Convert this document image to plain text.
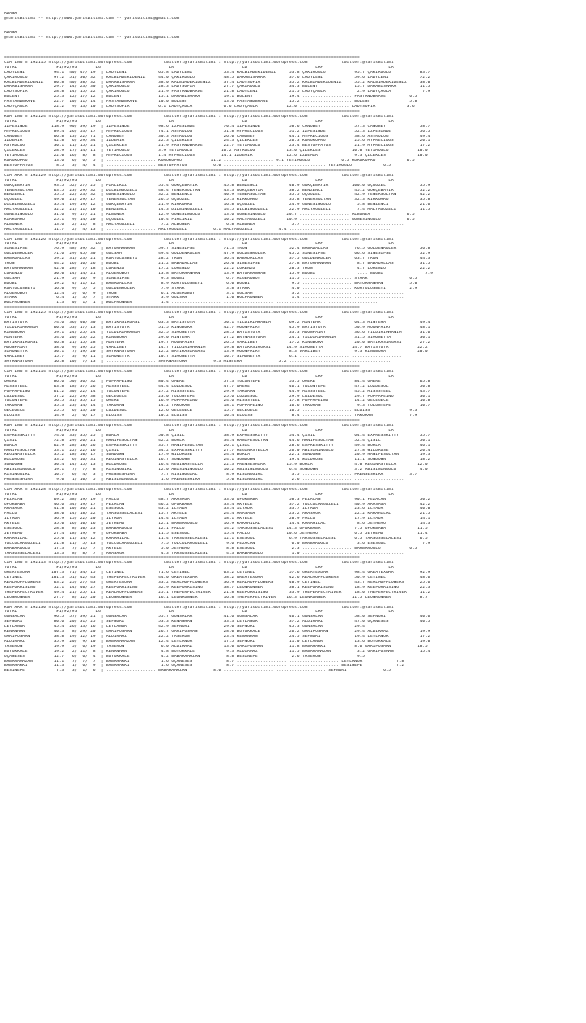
ADANA
@YarisBilimi -- http://www.yarisbilimi.com -- yarisbilimi@gmail.com
ADANA
@YarisBilimi -- http://www.yarisbilimi.com -- yarisbilimi@gmail.com

========================================================================================================================================
CIM ING = 192115 http://yarisbilimi.wordpress.com            twitter:@YarisBilimi : http://yarisbilimi.wordpress.com             twitter:@YarisBilimi
TOTAL               #1/#2/#3       LG                          LR                          LD                          LRF                         LA
LADYLENI           94.1  40/ 47/ 19  | LADYLENI            65.8 LADYLENI            53.4 KALBIMDEKIDENIZ     53.8 ÇAKIROGLU           95.7 ÇAKIROGLU           83.7
ÇAKIROGLU          97.2  51/ 30/ 32  | KALBIMDEKIDENIZ     44.0 ÇAKIROGLU           48.5 DARABISMARA         37.6 LADYLENI            59.6 LADYLENI            72.2
KALBIMDEKIDENIZ    80.8  40/ 38/ 32  | DARABISMARA         38.0 KALBIMDEKIDENIZ     37.4 LADYSOFIA           35.2 KALBIMDEKIDENIZ     55.2 KALBIMDEKIDENIZ     38.0
DARABISMARA        29.7  14/ 23/ 30  | ÇAKIROGLU           28.3 LADYSOFIA           27.7 ÇAKIROGLU           34.3 BULENT              15.7 DARABISMARA         11.5
LADYSOFIA          28.8  14/ 15/ 22  | ÇAKIROGLU           21.9 FASTANDBRAVE        21.8 LADYLENI            21.5 LADYÇAGLA            2.9 LADYÇAGLA            7.9
BULENT             25.3  12/ 17/ 12  | BULENT              15.1 DARABISMARA         19.1 BULENT              19.4 ................... FASTANDBRAVE         6.5
FASTANDBRAVE       22.7  10/ 11/ 14  | FASTANDBRAVE        10.0 BULENT              13.6 FASTANDBRAVE        15.2 ................... BULENT               5.8
LADYÇAGLA          22.2   9/ 13/ 10  | LADYSOFIA           6.1 LADYÇAGLA            6.6 LADYÇAGLA           12.0 ................... LADYSOFIA            3.6
========================================================================================================================================
KUM ING = 192124 http://yarisbilimi.wordpress.com            twitter:@YarisBilimi : http://yarisbilimi.wordpress.com             twitter:@YarisBilimi
TOTAL               #1/#2/#3       LG                          LR                          LD                          LRF                         LA
IZPESINDE         118.9  90/ 39/ 19  | IZPESINDE           98.6 IZPESINDE           70.4 IZPESINDE           58.6 CANOBEY             57.3 CANOBEY             58.7
MYPRECIOUS         89.4  26/ 53/ 17  | MYPRECIOUS          74.1 ASTROLOG            51.8 MYPRECIOUS          51.2 IZPESINDE           52.3 IZPESINDE           56.5
CANOBEY            66.8  13/ 22/ 71  | CANOBEY             30.3 ASTROLOG            26.0 CANOBEY             44.1 MYPRECIOUS          38.6 ASTROLOG            49.4
IZDEMIR            42.8   6/ 29/ 34  | IZDEMIR             22.3 ÇILEKLES            24.3 ÇILEKLES            26.3 KURUKÖPRÜ           25.6 MYPRECIOUS          20.1
ASTROLOG           30.1  11/ 15/ 21  | ÇILEKLES            21.9 FASTANDBRAVE        22.7 YETIMOGLU           23.4 BESTOFFATOS         21.9 MYPRECIOUS          17.2
ÇILEKLES           28.9  17/ 14/ 11  | YETIMOGLU           3.9 YETIMOGLU           16.2 ASTROLOG            13.0 ÇILEKLES            10.0 YETIMOGLU           10.0
YETIMOGLU          22.0  16/  8/  8  | MYPRECIOUS          1.4 MYPRECIOUS          14.1 IZDEMIR             12.6 IZDEMIR              9.3 ÇILEKLES            10.0
KURUKÖPRÜ          13.6   6/  6/  5  | ................... KURUKÖPRÜ           11.2 ................... 9.1 YETIMOGLU            6.5 KURUKÖPRÜ            6.5
BESTOFFATOS         8.5   3/  4/  4  | ................... BESTOFFATOS          6.0 ................... ................... YETIMOGLU            6.5
========================================================================================================================================
CIM ARA = 192129 http://yarisbilimi.wordpress.com            twitter:@YarisBilimi : http://yarisbilimi.wordpress.com             twitter:@YarisBilimi
TOTAL               #1/#2/#3       LG                          LR                          LD                          LRF                         LA
GÖKÇEBAYIR         93.5  52/ 27/ 25  | PIRLIKIZ            55.4 GÖKÇEBAYIR          45.8 BENZENCI            40.9 GÖKÇEBAYIR         100.0 ÜÇGÜZEL             55.9
YENERSULTAN        63.5  23/ 29/ 32  | DILBINGÜZELI        48.4 YENERSULTAN         43.3 GÖKÇEBAYIR          38.2 BENZENCI            45.2 GÖKÇEBAYIR          52.2
BENZENCI           55.5  22/ 23/ 32  | GÜNESINGÜLÜ         32.2 BENZENCI            40.9 YENERSULTAN         35.5 ÜÇGÜZEL             42.9 YENERSULTAN         42.2
ÜÇGÜZEL            49.0  21/ 29/ 17  | YENERSULTAN         26.5 ÜÇGÜZEL             25.3 KIRKUMRU            35.8 YENERSULTAN         32.3 KIRKUMRU            35.8
DILBINGÜZELI       35.4  19/ 19/ 12  | GÖKÇEBAYIR          21.9 KIRKUMRU            16.8 ÜÇGÜZEL             24.9 GÜNESINGÜLÜ          5.8 BENZENCI            21.6
MALYAGÜZELI        32.2  21/ 11/ 10  | BENZENCI            14.3 DILBINGÜZELI        14.5 DILBINGÜZELI        22.9 MALYAGÜZELI          7.4 MALYAGÜZELI         11.5
GÜNESINGÜLÜ        31.6   9/ 17/ 21  | ALBUNEA             12.9 GÜNESINGÜLÜ         13.6 GÜNESINGÜLÜ        20.7 ................... ALBUNEA              6.5
KIRKUMRU           25.1   9/ 14/ 20  | ÜÇGÜZEL             10.4 PIRLIKIZ            10.2 MALYAGÜZELI        10.9 ................... GÜNESINGÜLÜ          6.5
ALBUNEA            13.6   2/ 11/  8  | MALYAGÜZELI          7.2 ALBUNEA              6.8 ALBUNEA              5.7 ................... ...................
MALYAGÜZELI        11.7   2/  4/ 13  | ................... MALYAGÜZELI          6.1 MALYAGÜZELI          4.4 ................... ...................
========================================================================================================================================
CIM ING = 192126 http://yarisbilimi.wordpress.com            twitter:@YarisBilimi : http://yarisbilimi.wordpress.com             twitter:@YarisBilimi
TOTAL               #1/#2/#3       LG                          LR                          LD                          LRF                         LA
SINESIPSE          76.9  48/ 39/ 32  | BATURHANHAN         59.7 SINESIPSE           71.3 TRON                52.4 BABADALLAS          76.5 GOLDENRULER         56.8
GOLDENRULER        71.6  29/ 45/ 30  | GÜLSAH              49.4 GOLDENRULER         47.9 GOLDENRULER         45.2 SINESIPSE           66.6 SINESIPSE           52.9
BABADALLAS         59.2  31/ 23/ 21  | KURTULUSBEYI        28.2 TRON                36.4 BABADALLAS          37.5 GOLDENRULER         63.7 TRON                44.3
TRON               44.2  16/ 16/ 26  | BOUBI               21.2 BABADALLAS          26.0 SINESIPSE           27.8 BATURHANHAN          8.7 BABADALLAS          31.5
BATURHANHAN        42.0  28/  7/ 18  | LORENZO             17.2 LORENZO             22.2 LORENZO             20.3 TRON                 4.7 LORENZO             22.2
LORENZO            30.0  14/ 14/ 21  | ALGEROBOY           13.8 BATURHANHAN         13.9 BATURHANHAN         15.9 BOUBI                .... BOUBI                7.9
GÜLSAH             21.9   5/ 16/  9  | SINESIPSE            9.3 BOUBI                6.7 ALGEROBOY           11.5 ................... STARK                6.5
BOUBI              19.2   4/ 11/ 12  | BABADALLAS           8.9 KURTULUSBEYI         6.0 BOUBI                9.5 ................... BATURHANHAN          5.0
KURTULUSBEYI       16.0   9/  5/  5  | GOLDENRULER          7.9 STARK                3.8 STARK                4.0 ................... KURTULUSBEYI         2.9
ALGEROBOY          12.4   5/  6/  9  | TRON                 6.1 ALGEROBOY            3.1 GÜLSAH               3.2 ................... ...................
STARK               6.4   1/  3/  7  | STARK                3.9 GÜLSAH               1.0 WOLFRUNNER           1.4 ................... ...................
WOLFRUNNER          1.3   0/  1/  1  | WOLFRUNNER           1.4 ................... ................... ................... ...................
========================================================================================================================================
CIM ING = 192125 http://yarisbilimi.wordpress.com            twitter:@YarisBilimi : http://yarisbilimi.wordpress.com             twitter:@YarisBilimi
TOTAL               #1/#2/#3       LG                          LR                          LD                          LRF                         LA
BATISTUTA          74.6  36/ 40/ 30  | BATIKASIRGASI       63.3 BATISTUTA           50.1 YILDIRIMHANIM       69.2 MINTEHA             64.3 MINTEHA             49.4
YILDIRIMHANIM      60.6  53/ 17/ 13  | BATISTUTA           51.5 KINGBORA            42.7 MOONFAIRY           45.9 BATISTUTA           50.9 MOONFAIRY           48.1
KINGBORA           59.1  24/ 25/ 24  | YILDIRIMHANIM       32.5 SIMONETTA           28.5 BATISTUTA           33.3 MOONFAIRY           36.6 YILDIRIMHANIM       31.6
MINTEHA            54.6  20/ 23/ 22  | KINGBORA            29.0 MINTEHA             27.2 BRTNASSTORM         24.1 YILDIRIMHANIM       31.5 SIMONETTA           30.1
BATIKASIRGASI      46.8  21/ 15/ 28  | MINTEHA             19.7 MOONFAIRY           26.5 VARLIBEY            17.2 KINGBORA            20.0 BATIKASIRGASI       27.2
MOONFAIRY          38.6   9/ 19/ 25  | VARLIBEY            14.7 YILDIRIMHANIM       19.8 BATIKASIRGASI      14.9 SIMONETTA           14.7 BATISTUTA           22.2
SIMONETTA          30.1   7/ 19/ 20  | SMYRNASTORM         12.2 BATIKASIRGASI       13.9 MOONFAIRY           8.3 VARLIBEY             9.3 KINGBORA            20.0
VARLIBEY           15.7   3/  9/ 11  | SIMONETTA           10.7 SIMONETTA           10.7 SIMONETTA           6.1 ................... ...................
SMYRNASTORM        16.8  10/  7/ 13  | ................... SMYRNASTORM          9.3 MINTEHA              5.2 ................... ...................
========================================================================================================================================
CIM ING = 192114 http://yarisbilimi.wordpress.com            twitter:@YarisBilimi : http://yarisbilimi.wordpress.com             twitter:@YarisBilimi
TOTAL               #1/#2/#3       LG                          LR                          LD                          LRF                         LA
OMERE              86.6  50/ 36/ 32  | PUPPAPEINO          80.4 OMERE               57.3 TÜLÜNTEPE           53.5 OMERE               84.4 OMERE               65.8
MISSSTEEL          63.8  18/ 37/ 26  | MISSSTEEL           44.4 LUZDESOL            47.7 OMERE               46.1 TÜLÜNTEPE           47.2 LUZDESOL            50.8
PUPPAPEINO         61.2  30/ 22/ 14  | TÜLÜNTEPE           27.2 MISSSTEEL           29.9 TAKORAN             44.9 MISSSTEEL           45.2 MISSSTEEL           43.7
LUZDESOL           57.2  22/ 29/ 38  | GECEGECE            23.0 TÜLÜNTEPE           25.6 LUZDESOL            29.9 LUZDESOL            29.7 PUPPAPEINO          30.1
TÜLÜNTEPE          56.5  31/ 35/ 15  | OMERE               16.9 PUPPAPEINO          24.6 MISSSTEEL           17.8 PUPPAPEINO          14.2 GECEGECE            10.8
TAKORAN            35.3  23/ 14/ 14  | TAKORAN             14.2 TAKORAN             18.1 PUPPAPEINO          16.6 TAKORAN              9.3 TÜLÜNTEPE           10.7
GECEGECE           25.5   6/ 13/ 20  | LUZDESOL            12.6 GECEGECE            15.7 GECEGECE            16.5 ................... ELOISS               9.3
ELOISS             14.9   2/  6/ 17  | ELOISS              10.2 ELOISS              10.4 ELOISS               8.4 ................... TAKORAN              7.9
========================================================================================================================================
KUM ING = 192127 http://yarisbilimi.wordpress.com            twitter:@YarisBilimi : http://yarisbilimi.wordpress.com             twitter:@YarisBilimi
TOTAL               #1/#2/#3       LG                          LR                          LD                          LRF                         LA
EXPRESSKITTY       74.6  33/ 35/ 25  | BURLA               50.8 ÇISIL               38.9 EXPRESSKITTY        54.4 ÇISIL               64.4 EXPRESSKITTY        55.7
ÇISIL              72.8  29/ 26/ 21  | HANIFESULTAN        42.2 BURLA               34.4 HANIFESULTAN        44.6 HANIFESULTAN        52.4 ÇISIL               50.1
BURLA              62.9  28/ 18/ 26  | EXPRESSKITTY        35.7 HANIFESULTAN        26.1 ÇISIL               28.6 EXPRESSKITTY        49.4 BURLA               46.1
HANIFESULTAN       53.1  22/ 22/ 16  | ÇISIL               34.2 EXPRESSKITTY        27.7 REGINASTELLA        26.0 ABISININGÜLÜ        27.8 WILDROSE            20.4
REGINASTELLA       35.2  18/ 10/ 17  | SUNDOWN             17.9 WILDROSE            24.4 BURLA               22.1 SUNDOWN             20.9 HANIFESULTAN        19.3
WILDROSE           33.2   6/ 16/ 31  | REGINASTELLA        16.7 SUNDOWN             24.1 SUNDOWN             19.4 WILDROSE            11.1 SUNDOWN             18.2
SUNDOWN            30.4  14/ 15/ 13  | WILDROSE            16.4 REGINASTELLA        22.3 PRENSESHIRA        15.9 BURLA                4.0 REGINASTELLA        12.0
ABISININGÜLÜ       19.1   7/  7/  8  | RISINGGIRL          12.0 ABISININGÜLÜ        10.2 ABISININGÜLÜ        6.4 SUNDOWN              3.2 ABISININGÜLÜ         4.0
RISINGGIRL         10.7   6/  4/  3  | PRENSESHIRA          7.7 RISINGGIRL           8.9 RISINGGIRL           3.5 ................... PRENSESHIRA          3.7
PRENSESHIRA         9.0   1/ 10/  5  | ABISININGÜLÜ         1.6 PRENSESHIRA          5.0 RISINGGIRL           2.6 ................... ...................
========================================================================================================================================
CIM ARA = 192128 http://yarisbilimi.wordpress.com            twitter:@YarisBilimi : http://yarisbilimi.wordpress.com             twitter:@YarisBilimi
TOTAL               #1/#2/#3       LG                          LR                          LD                          LRF                         LA
FEZACAN            69.2  38/ 19/ 19  | FALLU               48.7 ARASAGA             33.6 UFUKBABA            58.3 FEZACAN             90.1 FEZACAN             50.2
UFUKBABA           46.6  34/ 19/ 17  | FEZACAN             46.2 UFUKBABA            33.4 AKYELE              37.2 YOLCULARGÜZELI      40.9 ARASAGA             42.2
ARASAGA            41.8  10/ 36/ 21  | ESESGÜL             43.2 ILYADA              33.4 ILYADA              33.7 ILYADA              23.6 ILYADA              40.0
FALLU              38.0  14/ 18/ 22  | TARSUSSELALESI      15.7 AKYELE              24.4 ARASAGA             23.2 ARASAGA             22.2 KARAHILAL           21.5
ILYADA             36.9  15/ 22/ 20  | ILYADA              14.4 ILYADA              18.1 AKYELE              20.9 FALLU               17.9 ILYADA              14.1
AKYELE             35.0  16/ 10/ 16  | JETHEMO             12.1 BARBAROGLU          16.9 KARAHILAL           14.4 KARAHILAL            8.6 JETHEMO             14.3
ESESGÜL            28.8   8/ 10/ 23  | BARBAROGLU          12.1 FALLU               14.2 TARSUSSELALESI     14.3 UFUKBABA             7.5 UFUKBABA            11.5
JETHEMO            27.4  18/ 19/  9  | UFUKBABA            11.5 ESESGÜL             15.4 FALLU              10.6 JETHEMO              6.5 JETHEMO             11.4
KARAHILAL          25.0  11/ 14/ 12  | KARAHILAL           11.4 TARSUSSELALESI      12.1 ESESGÜL             6.9 TARSUSSELALESI       6.5 TARSUSSELALESI       6.5
YOLCULARGÜZELI     21.8  11/  5/ 13  | YOLCULARGÜZELI       7.5 YOLCULARGÜZELI       9.6 FEZACAN              6.0 BARBAROGLU           3.6 ESESGÜL              7.9
BARBAROGLU         17.3   7/ 11/  7  | AKYELE               5.0 JETHEMO              8.8 ESESGÜL              2.3 ................... BARBAROGLU           6.5
TARSUSSELALESI     13.3   8/  8/  7  | ARASAGA              4.3 TARSUSSELALESI       4.3 BARBAROGLU           1.0 ................... ...................
========================================================================================================================================
CIM ING = 192113 http://yarisbilimi.wordpress.com            twitter:@YarisBilimi : http://yarisbilimi.wordpress.com             twitter:@YarisBilimi
TOTAL               #1/#2/#3       LG                          LR                          LD                          LRF                         LA
GREATEXUMA        107.3  71/ 34/ 15  | CETINEL             71.6 CETINEL             63.2 CETINEL             57.6 GREATEXUMA          98.4 GREATEXUMA          92.9
CETINEL           101.3  51/ 42/ 43  | THEPERFECTRIVER     44.0 GREATEXUMA          58.2 GREATEXUMA          42.6 REALMOFFLOWERS      50.9 CETINEL             48.6
REALMOFFLOWERS     63.2  25/ 27/ 43  | GREATEXUMA          33.2 REALMOFFLOWERS      36.9 REALMOFFLOWERS      40.9 CETINEL             43.7 REALMOFFLOWERS      25.6
KEEPORRISING       52.1  14/ 40/ 27  | KEEPORRISING        32.9 KEEPORRISING        38.7 LEONRUNNER          38.1 KEEPORRISING        18.9 KEEPORRISING        22.3
THEPERFECTRIVER    49.4  21/ 25/ 11  | REALMOFFLOWERS      25.1 THEPERFECTRIVER     21.8 KEEPORRISING        33.9 THEPERFECTRIVER     18.0 THEPERFECTRIVER     11.2
LEONRUNNER         27.7   8/ 12/ 20  | LEONRUNNER          16.1 LEONRUNNER          16.8 THEPERFECTRIVER    16.3 LEONRUNNER          11.5 LEONRUNNER           8.7
========================================================================================================================================
KUM ARA = 192130 http://yarisbilimi.wordpress.com            twitter:@YarisBilimi : http://yarisbilimi.wordpress.com             twitter:@YarisBilimi
TOTAL               #1/#2/#3       LG                          LR                          LD                          LRF                         LA
GÜNSALAR           96.5  57/ 39/ 21  | GÜNSALAR            55.7 GÜNSALAR            41.6 GÜNSALAR            46.1 GÜNSALAR            58.0 SEFNURI             40.6
SEFNURI            80.6  20/ 31/ 25  | SEFNURI             53.3 KENANHAN            33.3 LEYLANUR            37.2 ALDIRMAZ            47.0 UÇANESES            40.5
LEYLANUR           45.4  26/ 13/ 16  | LEYLANUR            42.9 SEFNURI             29.0 SEFNURI             45.3 GÜNSALAR            29.4
KENANHAN           40.3   8/ 29/ 20  | GARIPOSMAN          26.7 GARIPOSMAN          28.0 BÜYÜKKALE           26.2 GARIPOSMAN          29.4 ALDIRMAZ            19.9
GARIPOSMAN         38.8  19/ 12/ 19  | ALDIRMAZ            22.2 TASERON             23.4 KENANHAN            24.5 SEFNURI             19.4 LEYLANUR            17.2
ALDIRMAZ           35.9  20/  9/ 10  | BABARAMAZAN         12.4 LEYLANUR            17.5 SEFNURI             11.0 LEYLANUR            13.6 BÜYÜKKALE           19.0
TASERON            19.9   5/  6/ 19  | TASERON              6.0 ALDIRMAZ            13.0 GARIPOSMAN          11.8 BABAHAKKI           8.6 GARIPOSMAN          18.5
BÜYÜKKALE          19.2   2/ 11/  8  | KENANHAN             4.8 BÜYÜKKALE            9.3 ALDIRMAZ            11.5 BABARAMAZAN          3.2 GARIPOSMAN          15.4
UÇANESES           12.7   6/  6/  4  | BÜYÜKKALE            4.2 BABARAMAZAN          8.8 BESINEPE             2.6 TASERON              9.5
BABARAMAZAN        11.1   7/  7/  7  | BABAHAKKI            1.6 UÇANESES             8.7 ................... ................... LEYLANUR             7.8
BABAHAKKI          11.3   1/  6/  9  | BABAHAKKI            1.6 UÇANESES             8.7 ................... ................... BESINEPE             7.2
BESINEPE            7.3   3/  1/  6  | ................... BABARAMAZAN          8.0 ................... ................... SEFNURI              6.5
